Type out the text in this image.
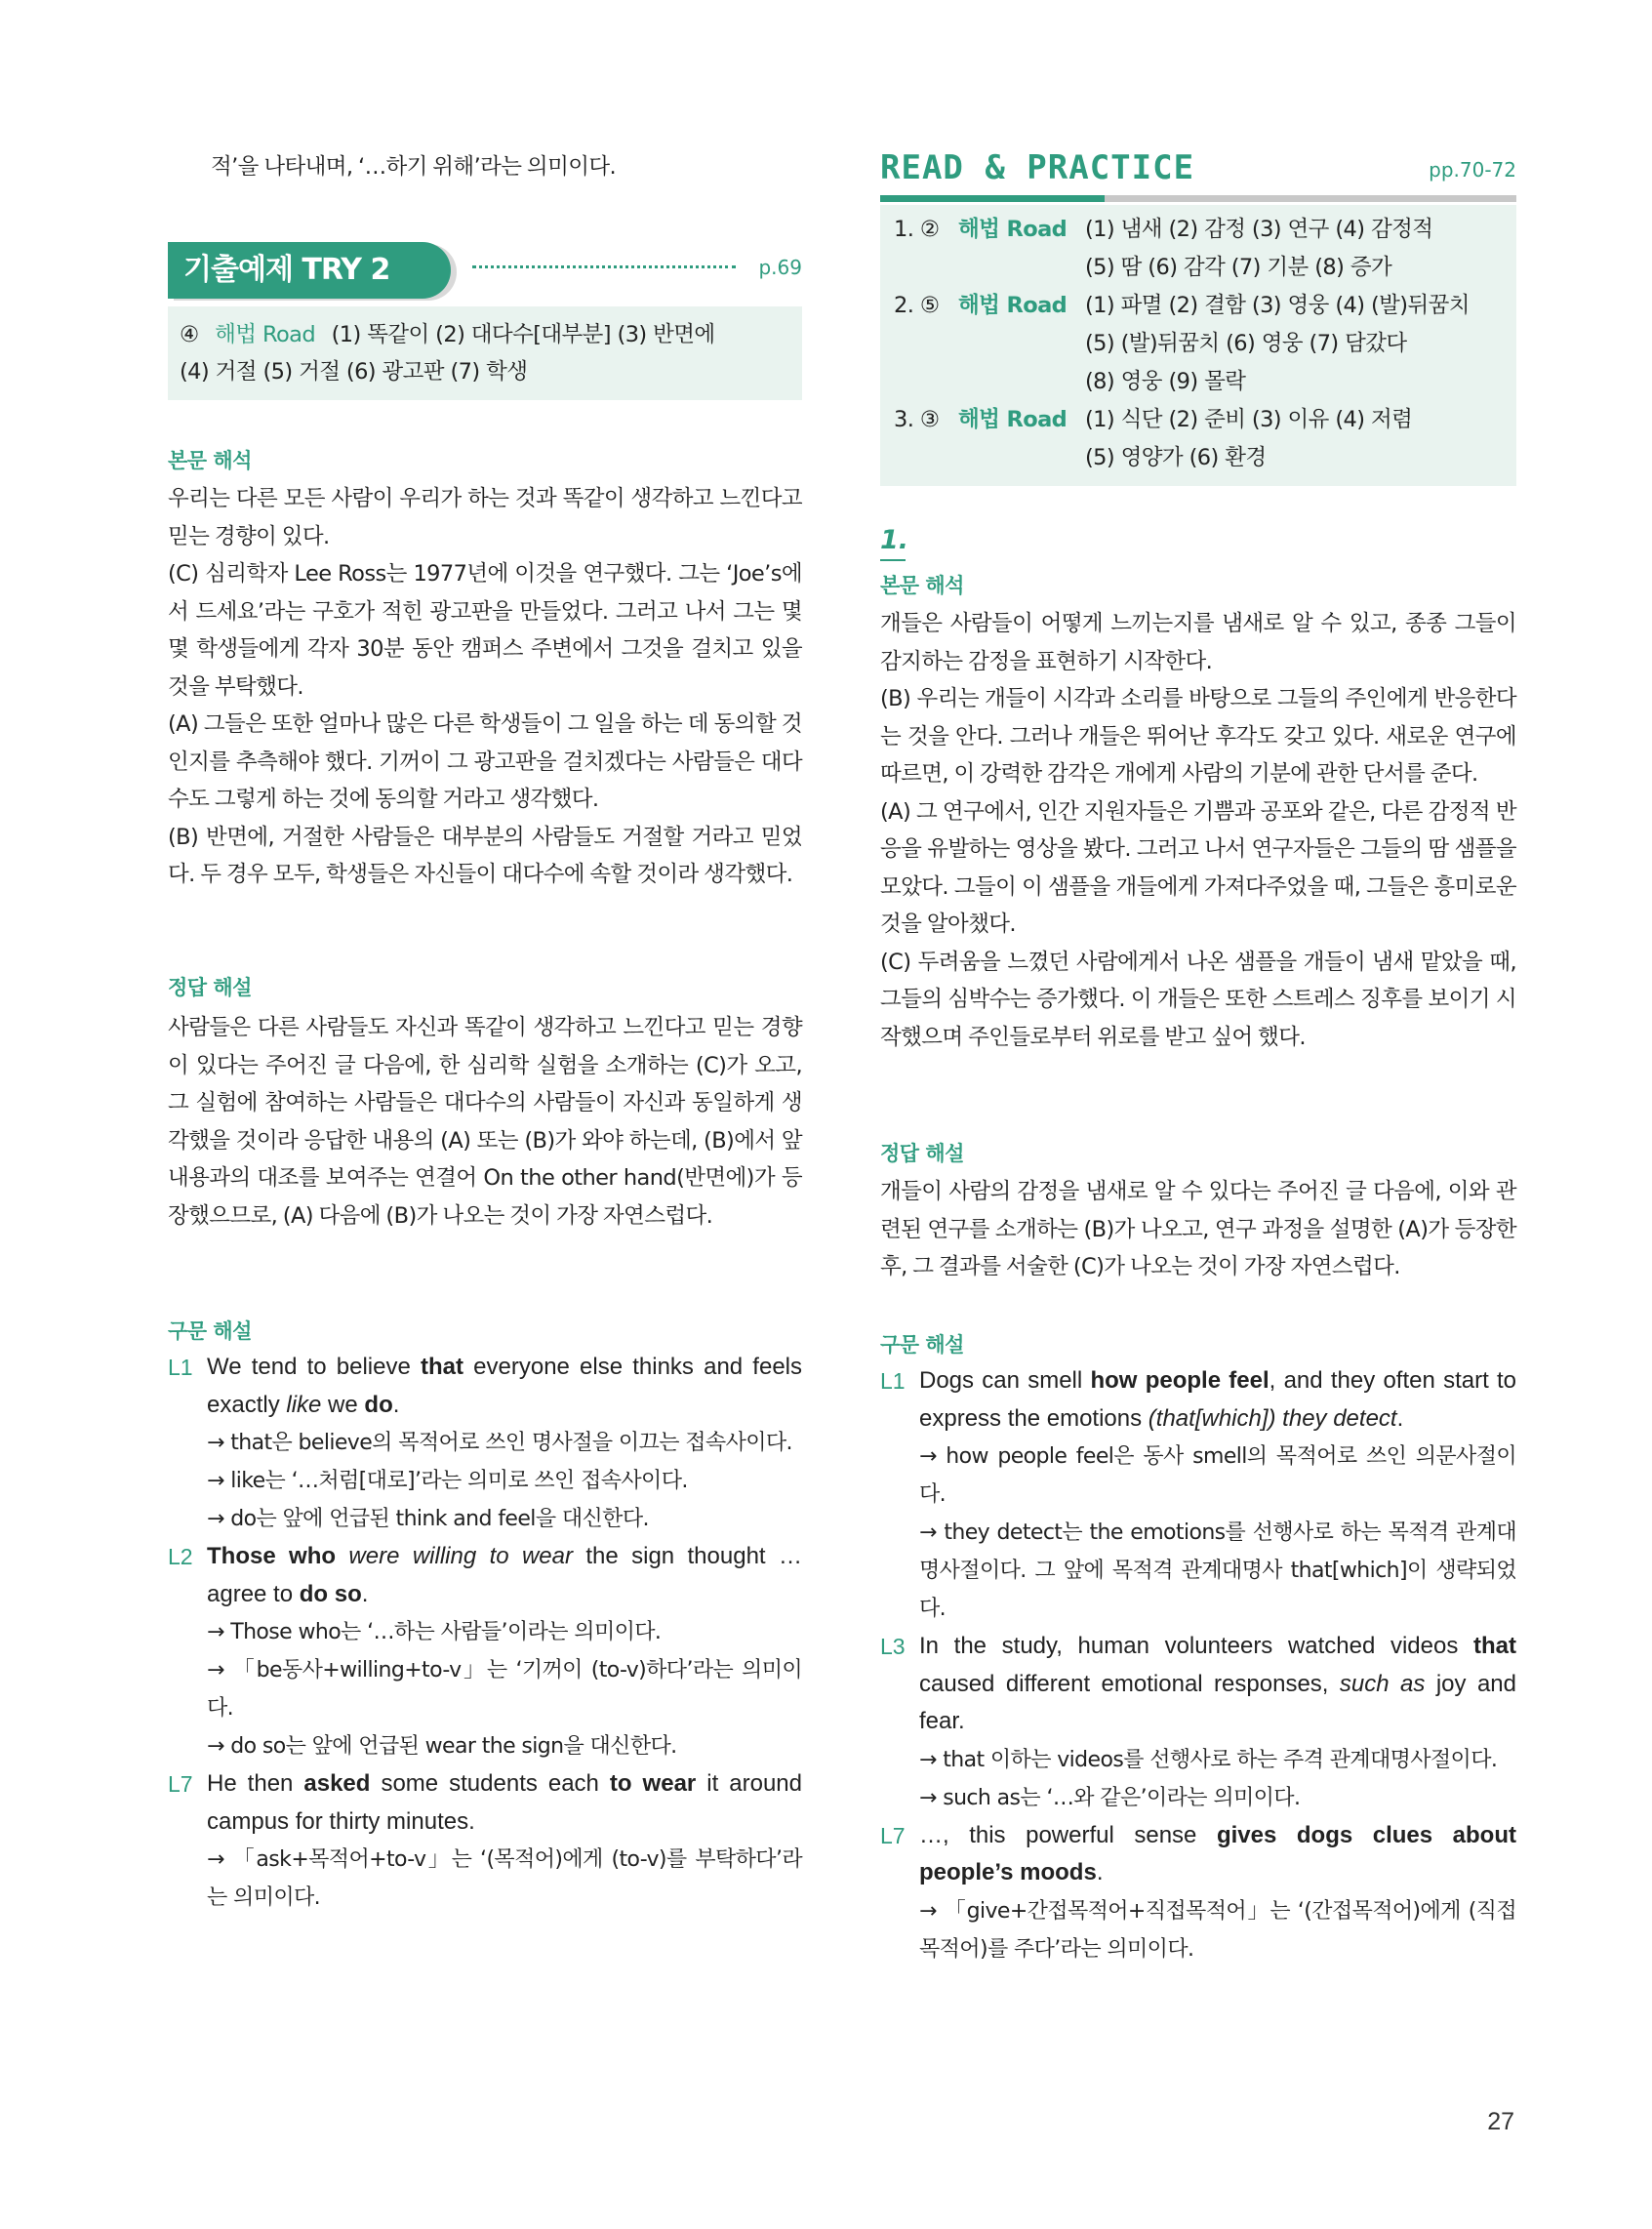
적’을 나타내며, ‘…하기 위해’라는 의미이다.

기출예제 TRY 2	p.69
④ 해법 Road (1) 똑같이 (2) 대다수[대부분] (3) 반면에
(4) 거절 (5) 거절 (6) 광고판 (7) 학생
본문 해석

우리는 다른 모든 사람이 우리가 하는 것과 똑같이 생각하고 느낀다고 믿는 경향이 있다.

(C) 심리학자 Lee Ross는 1977년에 이것을 연구했다. 그는 ‘Joe’s에서 드세요’라는 구호가 적힌 광고판을 만들었다. 그러고 나서 그는 몇몇 학생들에게 각자 30분 동안 캠퍼스 주변에서 그것을 걸치고 있을 것을 부탁했다.

(A) 그들은 또한 얼마나 많은 다른 학생들이 그 일을 하는 데 동의할 것인지를 추측해야 했다. 기꺼이 그 광고판을 걸치겠다는 사람들은 대다수도 그렇게 하는 것에 동의할 거라고 생각했다.

(B) 반면에, 거절한 사람들은 대부분의 사람들도 거절할 거라고 믿었다. 두 경우 모두, 학생들은 자신들이 대다수에 속할 것이라 생각했다.

정답 해설

사람들은 다른 사람들도 자신과 똑같이 생각하고 느낀다고 믿는 경향이 있다는 주어진 글 다음에, 한 심리학 실험을 소개하는 (C)가 오고, 그 실험에 참여하는 사람들은 대다수의 사람들이 자신과 동일하게 생각했을 것이라 응답한 내용의 (A) 또는 (B)가 와야 하는데, (B)에서 앞 내용과의 대조를 보여주는 연결어 On the other hand(반면에)가 등장했으므로, (A) 다음에 (B)가 나오는 것이 가장 자연스럽다.

구문 해설
L1 We tend to believe that everyone else thinks and feels exactly like we do.
→ that은 believe의 목적어로 쓰인 명사절을 이끄는 접속사이다.
→ like는 ‘…처럼[대로]’라는 의미로 쓰인 접속사이다.
→ do는 앞에 언급된 think and feel을 대신한다.
L2 Those who were willing to wear the sign thought … agree to do so.
→ Those who는 ‘…하는 사람들’이라는 의미이다.
→ 「be동사+willing+to-v」는 ‘기꺼이 (to-v)하다’라는 의미이다.
→ do so는 앞에 언급된 wear the sign을 대신한다.
L7 He then asked some students each to wear it around campus for thirty minutes.
→ 「ask+목적어+to-v」는 ‘(목적어)에게 (to-v)를 부탁하다’라는 의미이다.
READ & PRACTICE	pp.70-72
1. ② 해법 Road (1) 냄새 (2) 감정 (3) 연구 (4) 감정적
(5) 땀 (6) 감각 (7) 기분 (8) 증가
2. ⑤ 해법 Road (1) 파멸 (2) 결함 (3) 영웅 (4) (발)뒤꿈치
(5) (발)뒤꿈치 (6) 영웅 (7) 담갔다
(8) 영웅 (9) 몰락
3. ③ 해법 Road (1) 식단 (2) 준비 (3) 이유 (4) 저렴
(5) 영양가 (6) 환경
1.
본문 해석

개들은 사람들이 어떻게 느끼는지를 냄새로 알 수 있고, 종종 그들이 감지하는 감정을 표현하기 시작한다.

(B) 우리는 개들이 시각과 소리를 바탕으로 그들의 주인에게 반응한다는 것을 안다. 그러나 개들은 뛰어난 후각도 갖고 있다. 새로운 연구에 따르면, 이 강력한 감각은 개에게 사람의 기분에 관한 단서를 준다.

(A) 그 연구에서, 인간 지원자들은 기쁨과 공포와 같은, 다른 감정적 반응을 유발하는 영상을 봤다. 그러고 나서 연구자들은 그들의 땀 샘플을 모았다. 그들이 이 샘플을 개들에게 가져다주었을 때, 그들은 흥미로운 것을 알아챘다.

(C) 두려움을 느꼈던 사람에게서 나온 샘플을 개들이 냄새 맡았을 때, 그들의 심박수는 증가했다. 이 개들은 또한 스트레스 징후를 보이기 시작했으며 주인들로부터 위로를 받고 싶어 했다.

정답 해설

개들이 사람의 감정을 냄새로 알 수 있다는 주어진 글 다음에, 이와 관련된 연구를 소개하는 (B)가 나오고, 연구 과정을 설명한 (A)가 등장한 후, 그 결과를 서술한 (C)가 나오는 것이 가장 자연스럽다.

구문 해설
L1 Dogs can smell how people feel, and they often start to express the emotions (that[which]) they detect.
→ how people feel은 동사 smell의 목적어로 쓰인 의문사절이다.
→ they detect는 the emotions를 선행사로 하는 목적격 관계대명사절이다. 그 앞에 목적격 관계대명사 that[which]이 생략되었다.
L3 In the study, human volunteers watched videos that caused different emotional responses, such as joy and fear.
→ that 이하는 videos를 선행사로 하는 주격 관계대명사절이다.
→ such as는 ‘…와 같은’이라는 의미이다.
L7 …, this powerful sense gives dogs clues about people’s moods.
→ 「give+간접목적어+직접목적어」는 ‘(간접목적어)에게 (직접목적어)를 주다’라는 의미이다.
27
